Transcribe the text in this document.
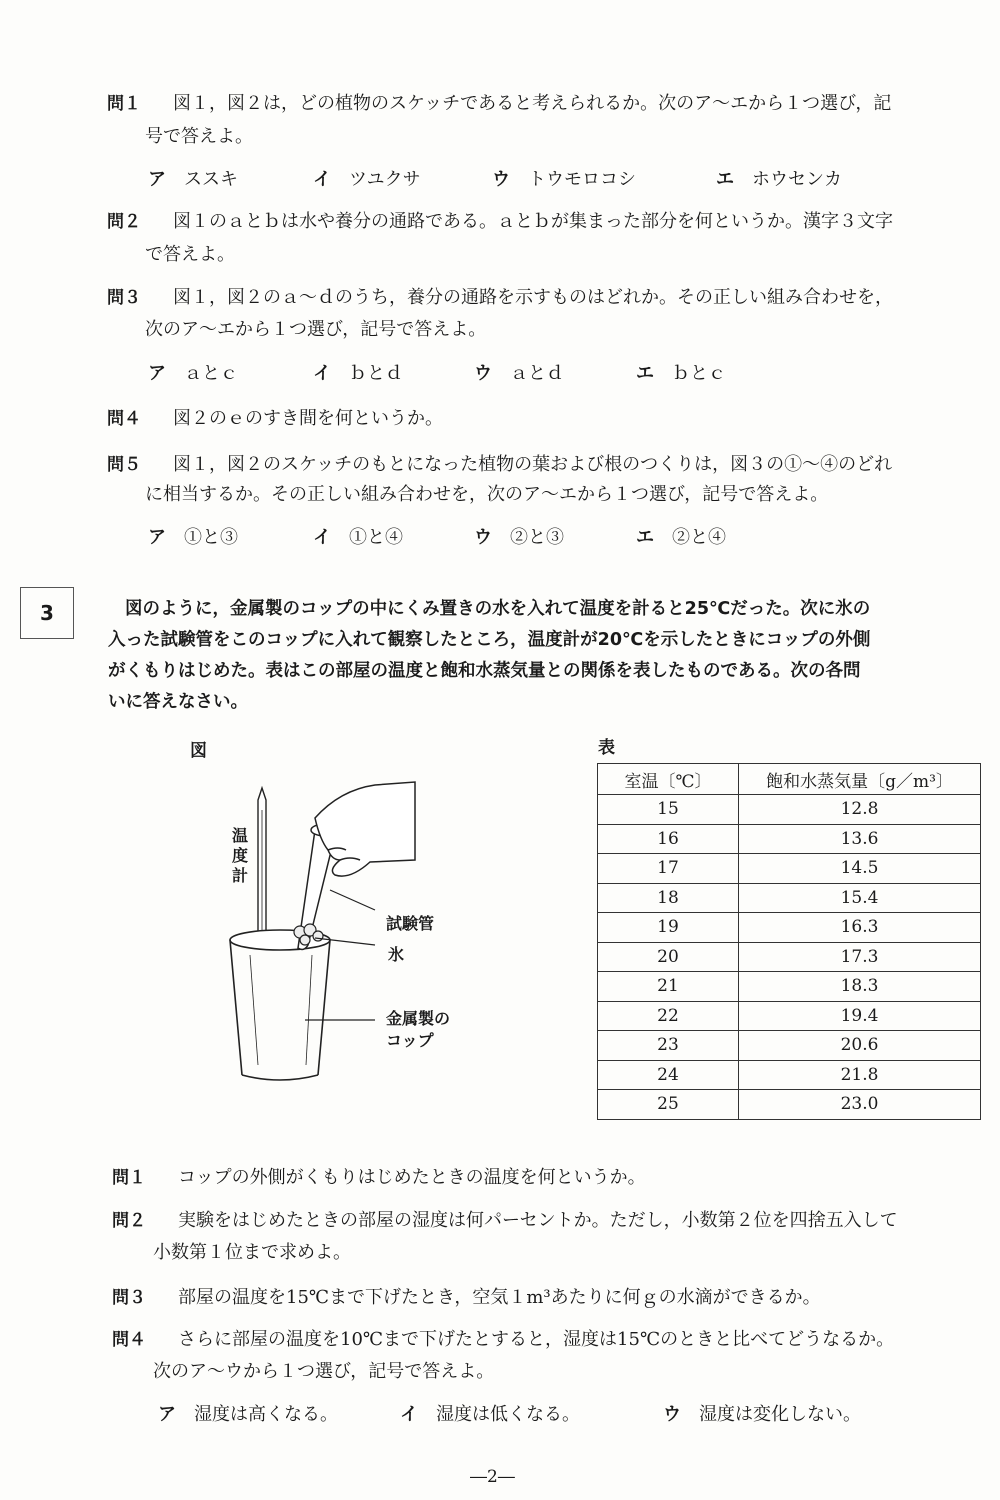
問１ 図１，図２は，どの植物のスケッチであると考えられるか。次のア～エから１つ選び，記
号で答えよ。
ア ススキ	イ ツユクサ	ウ トウモロコシ	エ ホウセンカ
問２ 図１のａとｂは水や養分の通路である。ａとｂが集まった部分を何というか。漢字３文字
で答えよ。
問３ 図１，図２のａ～ｄのうち，養分の通路を示すものはどれか。その正しい組み合わせを，
次のア～エから１つ選び，記号で答えよ。
ア ａとｃ	イ ｂとｄ	ウ ａとｄ	エ ｂとｃ
問４ 図２のｅのすき間を何というか。
問５ 図１，図２のスケッチのもとになった植物の葉および根のつくりは，図３の①～④のどれ
に相当するか。その正しい組み合わせを，次のア～エから１つ選び，記号で答えよ。
ア ①と③	イ ①と④	ウ ②と③	エ ②と④
3	図のように，金属製のコップの中にくみ置きの水を入れて温度を計ると25℃だった。次に氷の
入った試験管をこのコップに入れて観察したところ，温度計が20℃を示したときにコップの外側
がくもりはじめた。表はこの部屋の温度と飽和水蒸気量との関係を表したものである。次の各問
いに答えなさい。
図	表
温度計
試験管
氷
金属製の
コップ
室温〔℃〕	飽和水蒸気量〔g／m³〕
15	12.8
16	13.6
17	14.5
18	15.4
19	16.3
20	17.3
21	18.3
22	19.4
23	20.6
24	21.8
25	23.0
問１ コップの外側がくもりはじめたときの温度を何というか。
問２ 実験をはじめたときの部屋の湿度は何パーセントか。ただし，小数第２位を四捨五入して
小数第１位まで求めよ。
問３ 部屋の温度を15℃まで下げたとき，空気１m³あたりに何ｇの水滴ができるか。
問４ さらに部屋の温度を10℃まで下げたとすると，湿度は15℃のときと比べてどうなるか。
次のア～ウから１つ選び，記号で答えよ。
ア 湿度は高くなる。	イ 湿度は低くなる。	ウ 湿度は変化しない。
―2―
